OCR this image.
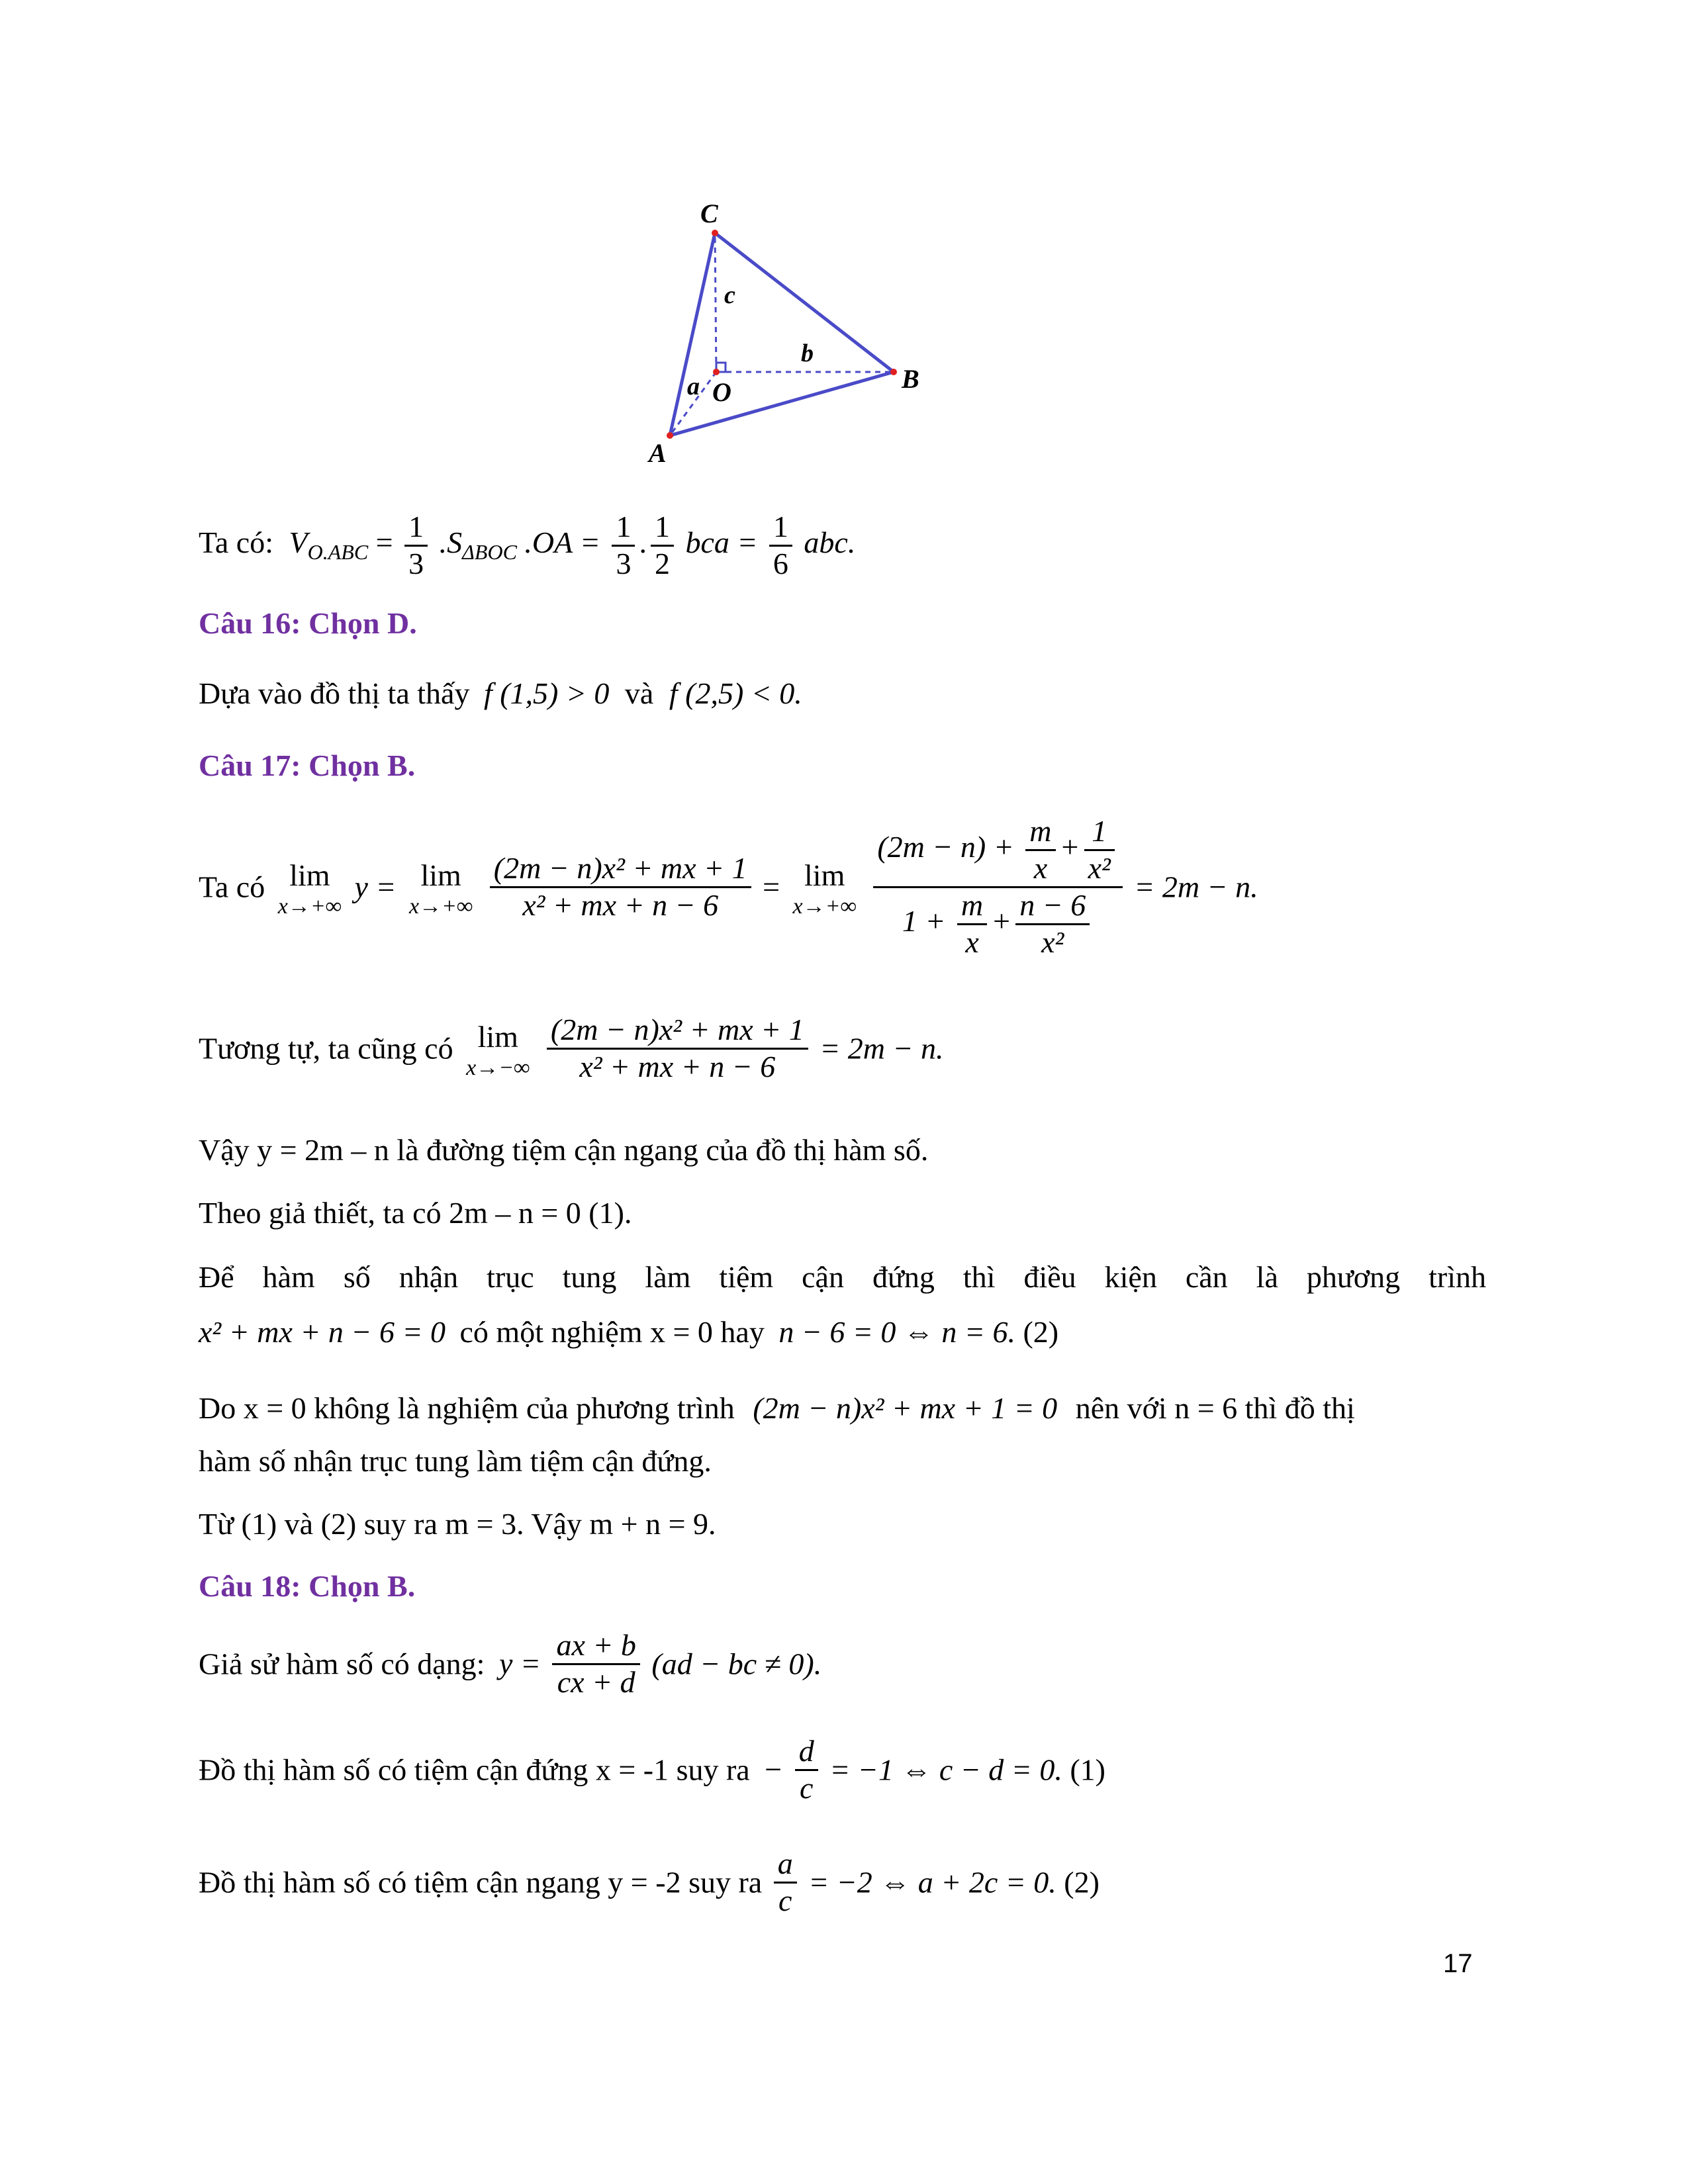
C
B
A
O
a
b
c
Ta có: $V_{O.ABC} = \frac{1}{3} .S_{\Delta BOC}$ $.OA = \frac{1}{3}$ . $\frac{1}{2}$ bca = $\frac{1}{6}$ abc.
Câu 16: Chọn D.
Dựa vào đồ thị ta thấy f (1,5) > 0 và f (2,5) < 0.
Câu 17: Chọn B.
Ta có lim
x→+∞
y = lim
x→+∞
$\frac{\text{(2m − n)x² + mx + 1}}{\text{x² + mx + n − 6}} = \lim$
x→+∞
$\frac{(2m - n) + \frac{m}{x} + \frac{1}{\text{x²}}}{1 + \frac{m}{x} + \frac{n - 6}{\text{x²}}} = 2m - n$.
Tương tự, ta cũng có lim
x→−∞
$\frac{\text{(2m − n)x² + mx + 1}}{\text{x² + mx + n − 6}} = 2m - n$.
Vậy y = 2m – n là đường tiệm cận ngang của đồ thị hàm số.
Theo giả thiết, ta có 2m – n = 0 (1).
Để hàm số nhận trục tung làm tiệm cận đứng thì điều kiện cần là phương trình
x² + mx + n − 6 = 0 có một nghiệm x = 0 hay n − 6 = 0 ⇔ n = 6. (2)
Do x = 0 không là nghiệm của phương trình (2m − n)x² + mx + 1 = 0 nên với n = 6 thì đồ thị
hàm số nhận trục tung làm tiệm cận đứng.
Từ (1) và (2) suy ra m = 3. Vậy m + n = 9.
Câu 18: Chọn B.
Giả sử hàm số có dạng: $y = \frac{ax + b}{cx + d} (ad$ − bc ≠ 0).
Đồ thị hàm số có tiệm cận đứng x = -1 suy ra − $\frac{d}{c} = -1$ ⇔ c − d = 0. (1)
Đồ thị hàm số có tiệm cận ngang y = -2 suy ra $\frac{a}{c} = -2$ ⇔ a + 2c = 0. (2)
17
